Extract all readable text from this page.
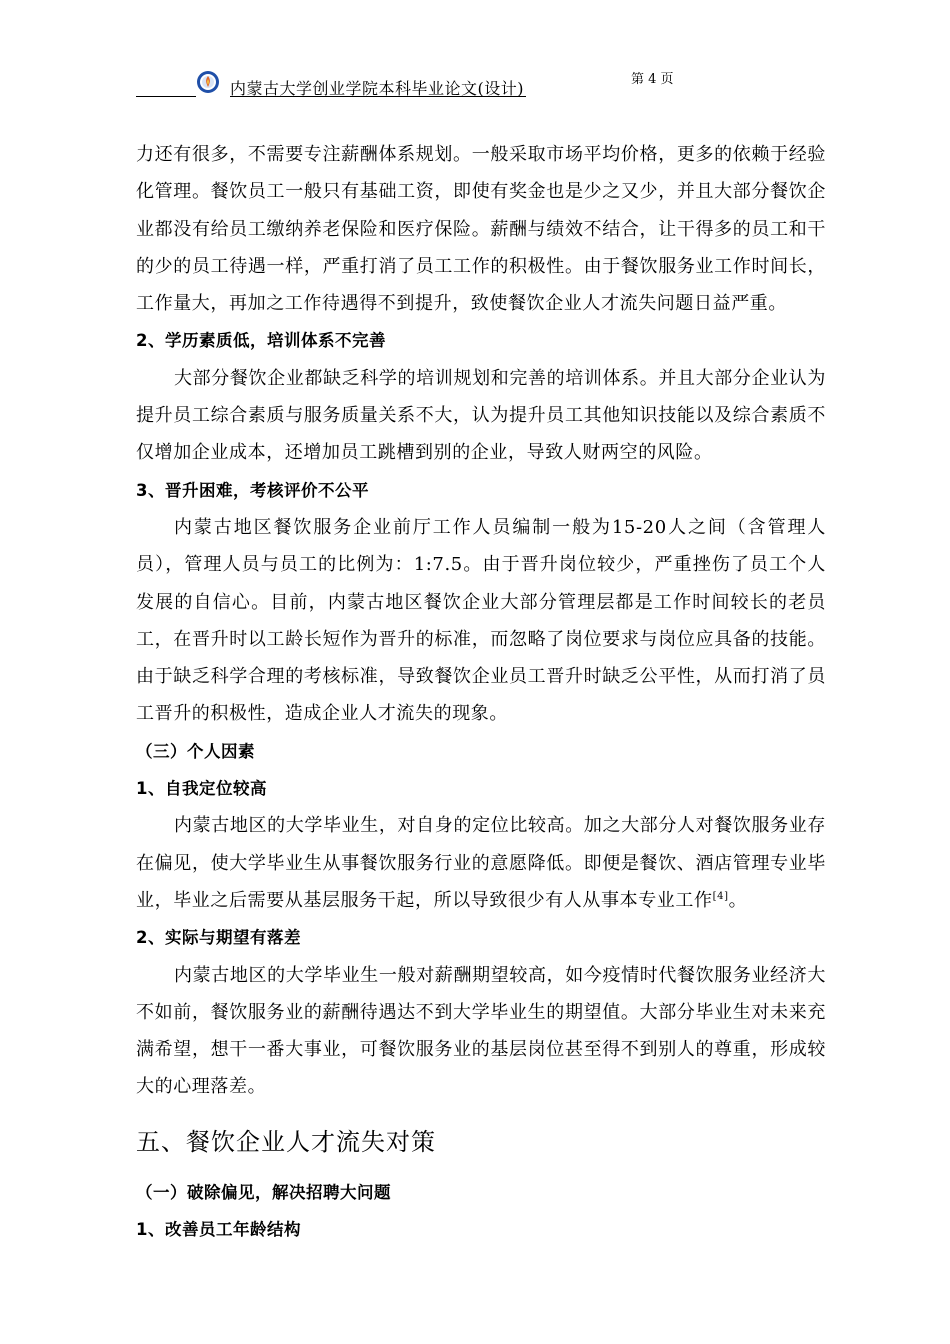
内蒙古大学创业学院本科毕业论文(设计)	第 4 页

力还有很多，不需要专注薪酬体系规划。一般采取市场平均价格，更多的依赖于经验化管理。餐饮员工一般只有基础工资，即使有奖金也是少之又少，并且大部分餐饮企业都没有给员工缴纳养老保险和医疗保险。薪酬与绩效不结合，让干得多的员工和干的少的员工待遇一样，严重打消了员工工作的积极性。由于餐饮服务业工作时间长，工作量大，再加之工作待遇得不到提升，致使餐饮企业人才流失问题日益严重。

2、学历素质低，培训体系不完善

大部分餐饮企业都缺乏科学的培训规划和完善的培训体系。并且大部分企业认为提升员工综合素质与服务质量关系不大，认为提升员工其他知识技能以及综合素质不仅增加企业成本，还增加员工跳槽到别的企业，导致人财两空的风险。

3、晋升困难，考核评价不公平

内蒙古地区餐饮服务企业前厅工作人员编制一般为15-20人之间（含管理人员），管理人员与员工的比例为：1:7.5。由于晋升岗位较少，严重挫伤了员工个人发展的自信心。目前，内蒙古地区餐饮企业大部分管理层都是工作时间较长的老员工，在晋升时以工龄长短作为晋升的标准，而忽略了岗位要求与岗位应具备的技能。由于缺乏科学合理的考核标准，导致餐饮企业员工晋升时缺乏公平性，从而打消了员工晋升的积极性，造成企业人才流失的现象。

（三）个人因素

1、自我定位较高

内蒙古地区的大学毕业生，对自身的定位比较高。加之大部分人对餐饮服务业存在偏见，使大学毕业生从事餐饮服务行业的意愿降低。即便是餐饮、酒店管理专业毕业，毕业之后需要从基层服务干起，所以导致很少有人从事本专业工作[4]。

2、实际与期望有落差

内蒙古地区的大学毕业生一般对薪酬期望较高，如今疫情时代餐饮服务业经济大不如前，餐饮服务业的薪酬待遇达不到大学毕业生的期望值。大部分毕业生对未来充满希望，想干一番大事业，可餐饮服务业的基层岗位甚至得不到别人的尊重，形成较大的心理落差。

五、餐饮企业人才流失对策

（一）破除偏见，解决招聘大问题

1、改善员工年龄结构
